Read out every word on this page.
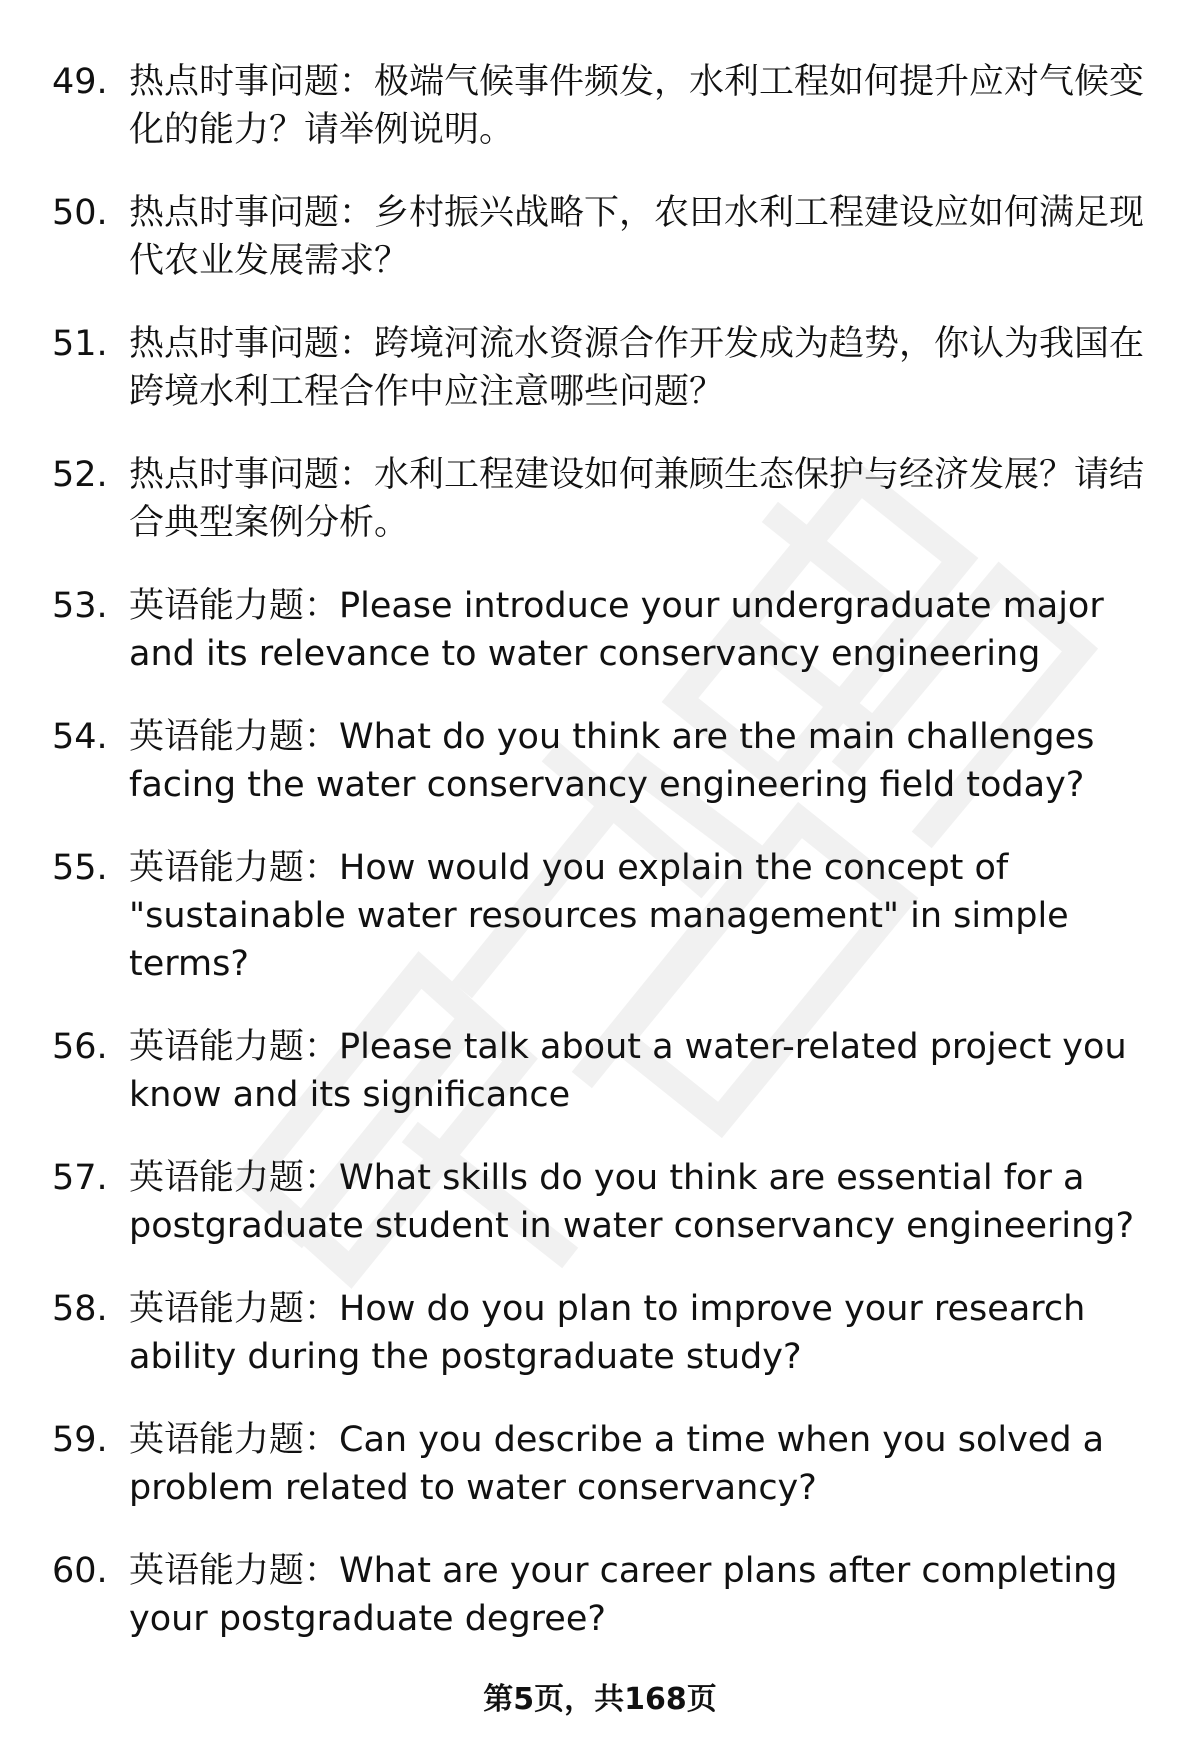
49. 热点时事问题：极端气候事件频发，水利工程如何提升应对气候变化的能力？请举例说明。
50. 热点时事问题：乡村振兴战略下，农田水利工程建设应如何满足现代农业发展需求？
51. 热点时事问题：跨境河流水资源合作开发成为趋势，你认为我国在跨境水利工程合作中应注意哪些问题？
52. 热点时事问题：水利工程建设如何兼顾生态保护与经济发展？请结合典型案例分析。
53. 英语能力题：Please introduce your undergraduate major and its relevance to water conservancy engineering
54. 英语能力题：What do you think are the main challenges facing the water conservancy engineering field today?
55. 英语能力题：How would you explain the concept of "sustainable water resources management" in simple terms?
56. 英语能力题：Please talk about a water-related project you know and its significance
57. 英语能力题：What skills do you think are essential for a postgraduate student in water conservancy engineering?
58. 英语能力题：How do you plan to improve your research ability during the postgraduate study?
59. 英语能力题：Can you describe a time when you solved a problem related to water conservancy?
60. 英语能力题：What are your career plans after completing your postgraduate degree?
第5页，共168页
